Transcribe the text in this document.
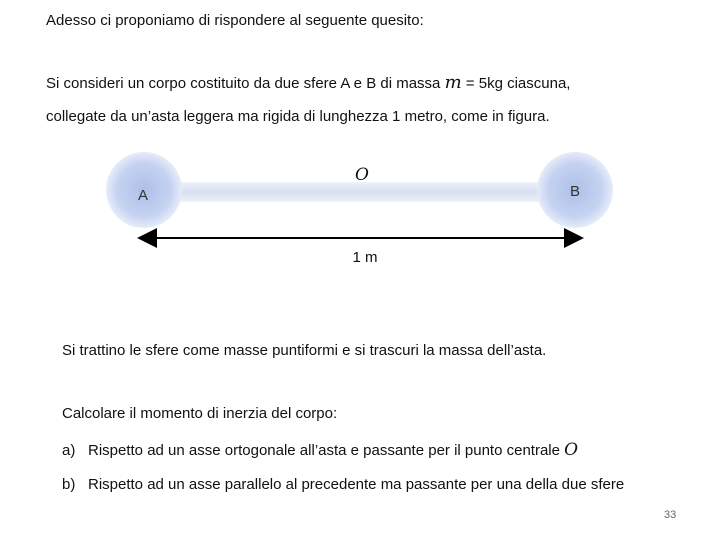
Adesso ci proponiamo di rispondere al seguente quesito:
Si consideri un corpo costituito da due sfere A e B di massa m = 5kg ciascuna,
collegate da un’asta leggera ma rigida di lunghezza 1 metro, come in figura.
A	B
O
1 m
Si trattino le sfere come masse puntiformi e si trascuri la massa dell’asta.
Calcolare il momento di inerzia del corpo:
a) Rispetto ad un asse ortogonale all’asta e passante per il punto centrale O
b) Rispetto ad un asse parallelo al precedente ma passante per una della due sfere
33
